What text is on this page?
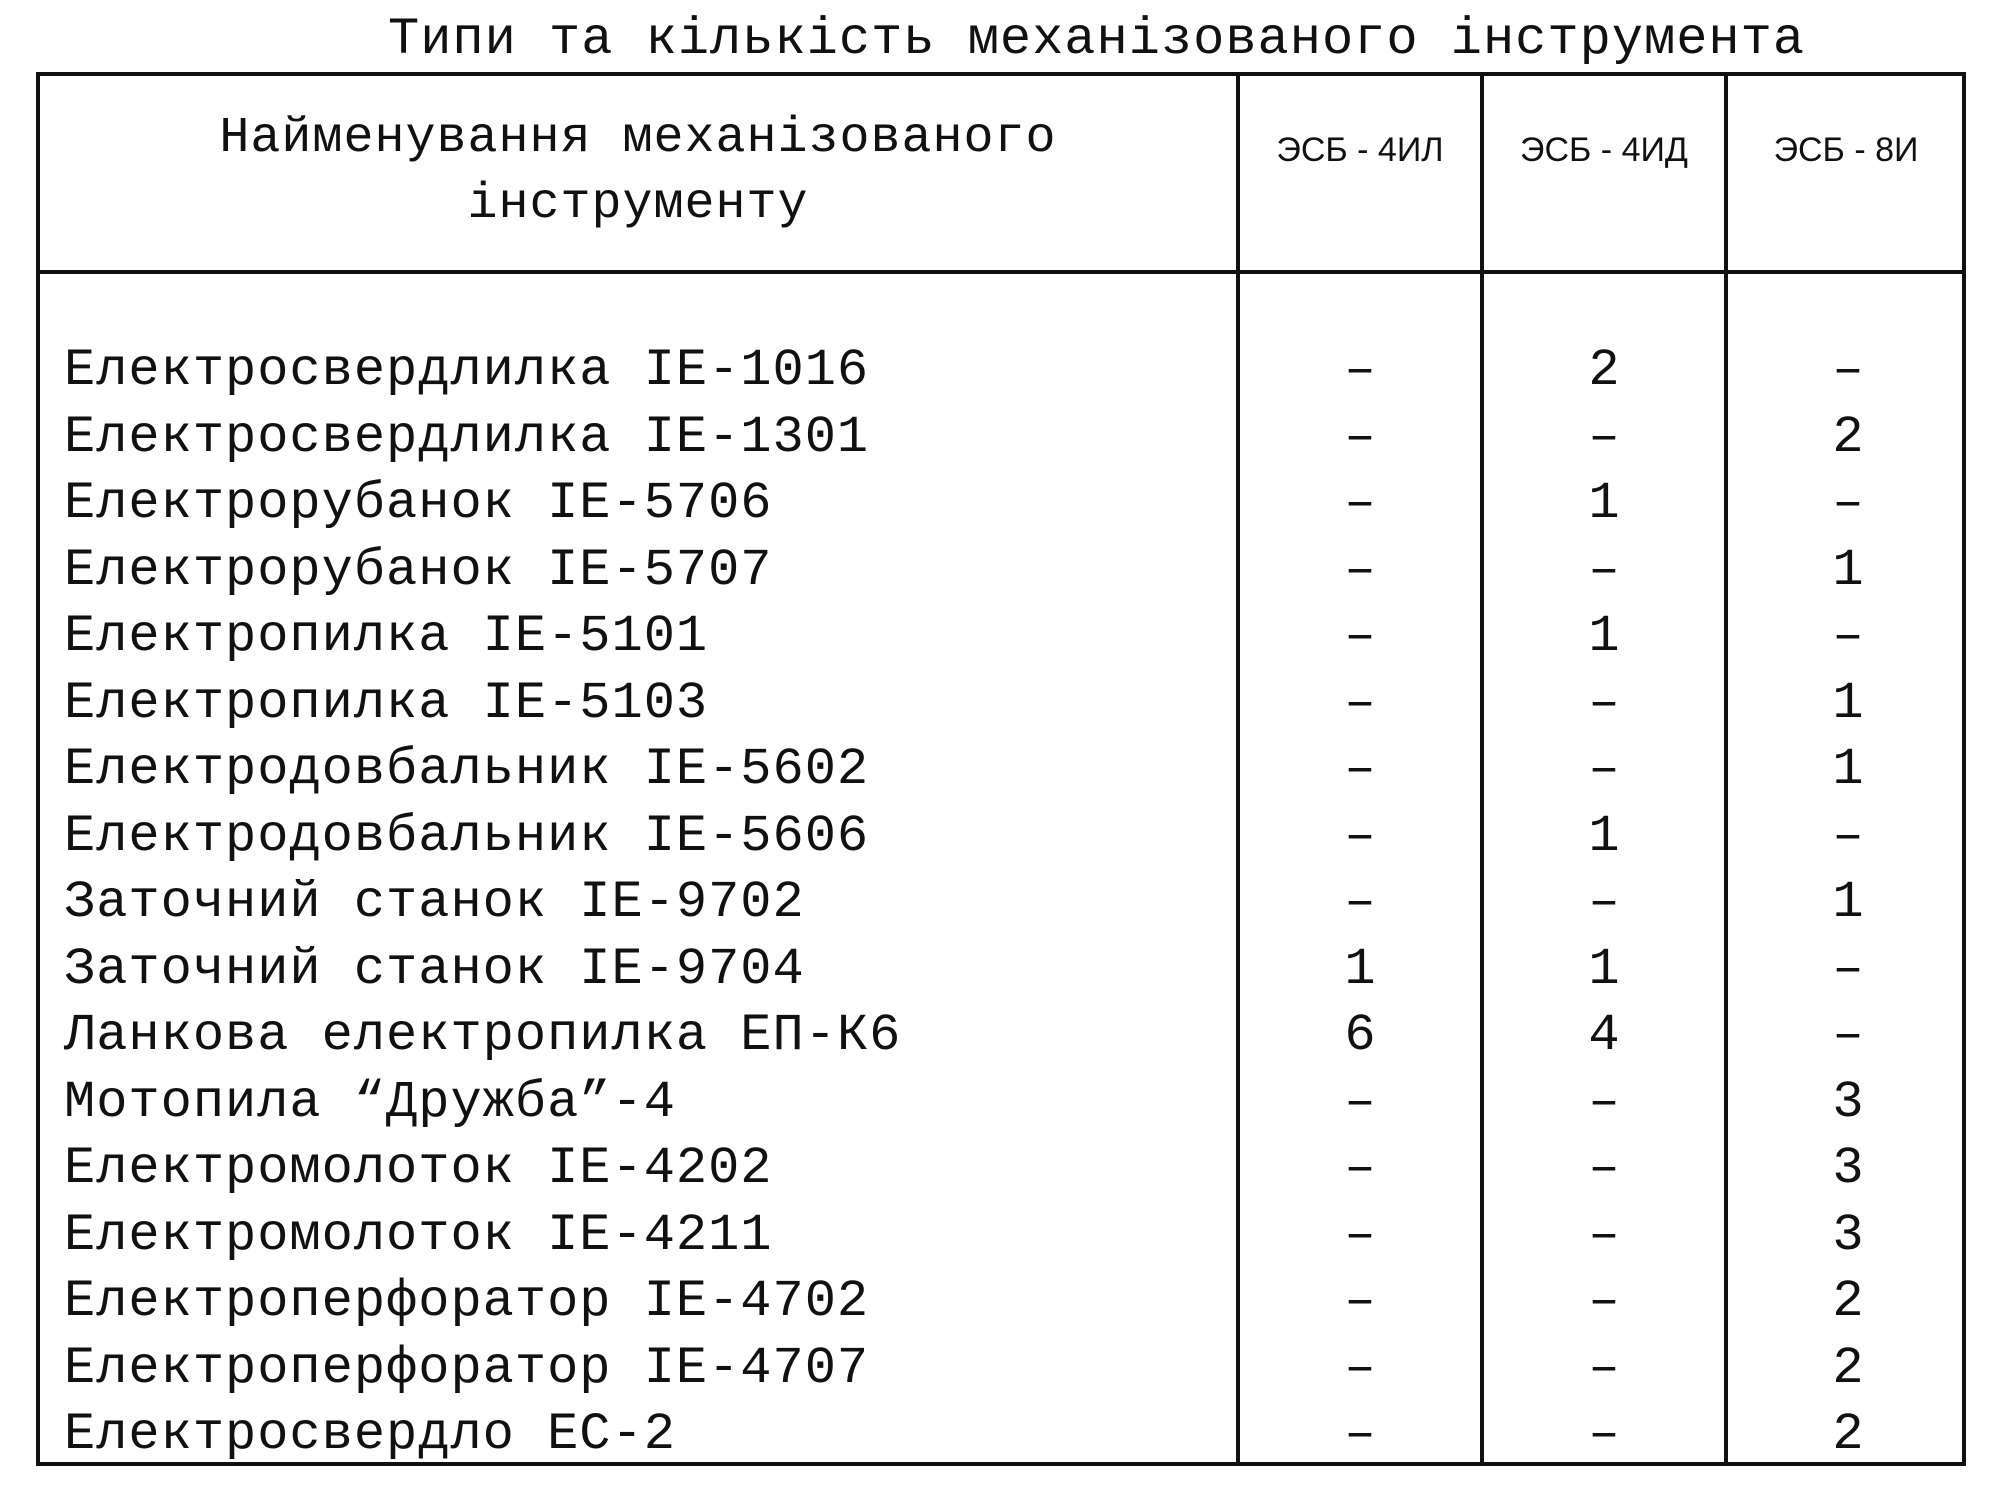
Типи та кількість механізованого інструмента
Найменування механізованого
інструменту
ЭСБ - 4ИЛ	ЭСБ - 4ИД	ЭСБ - 8И
Електросвердлилка IE-1016	–	2	–
Електросвердлилка IE-1301	–	–	2
Електрорубанок IE-5706	–	1	–
Електрорубанок IE-5707	–	–	1
Електропилка IE-5101	–	1	–
Електропилка IE-5103	–	–	1
Електродовбальник IE-5602	–	–	1
Електродовбальник IE-5606	–	1	–
Заточний станок IE-9702	–	–	1
Заточний станок IE-9704	1	1	–
Ланкова електропилка ЕП-К6	6	4	–
Мотопила “Дружба”-4	–	–	3
Електромолоток IE-4202	–	–	3
Електромолоток IE-4211	–	–	3
Електроперфоратор IE-4702	–	–	2
Електроперфоратор IE-4707	–	–	2
Електросвердло ЕС-2	–	–	2
